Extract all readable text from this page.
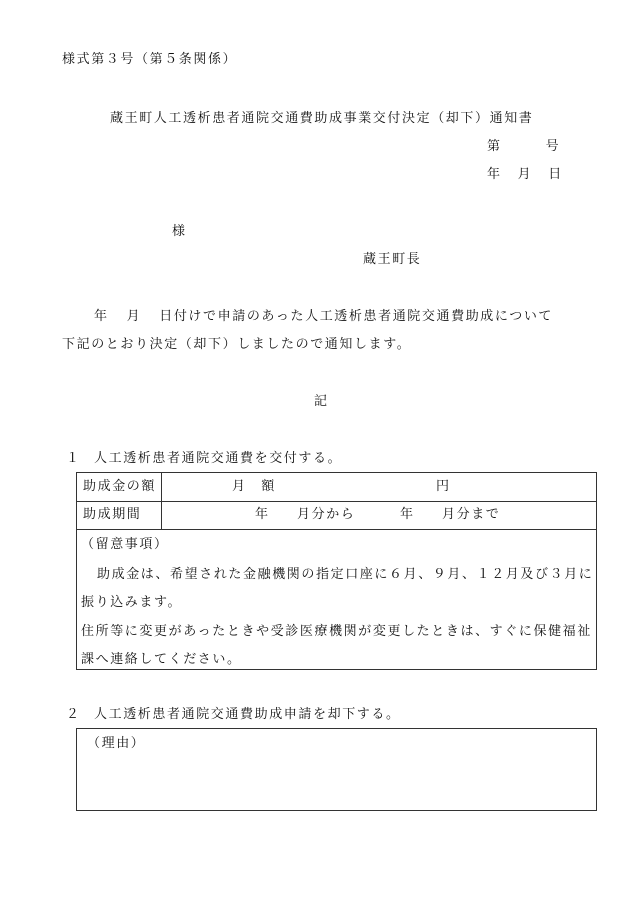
様式第３号（第５条関係）
蔵王町人工透析患者通院交通費助成事業交付決定（却下）通知書
第	号
年 月 日
様
蔵王町長
年 月 日付けで申請のあった人工透析患者通院交通費助成について
下記のとおり決定（却下）しましたので通知します。
記
１ 人工透析患者通院交通費を交付する。
助成金の額	月　額	円
助成期間	年 月分から	年 月分まで
（留意事項）
助成金は、希望された金融機関の指定口座に６月、９月、１２月及び３月に
振り込みます。
住所等に変更があったときや受診医療機関が変更したときは、すぐに保健福祉
課へ連絡してください。
２ 人工透析患者通院交通費助成申請を却下する。
（理由）
